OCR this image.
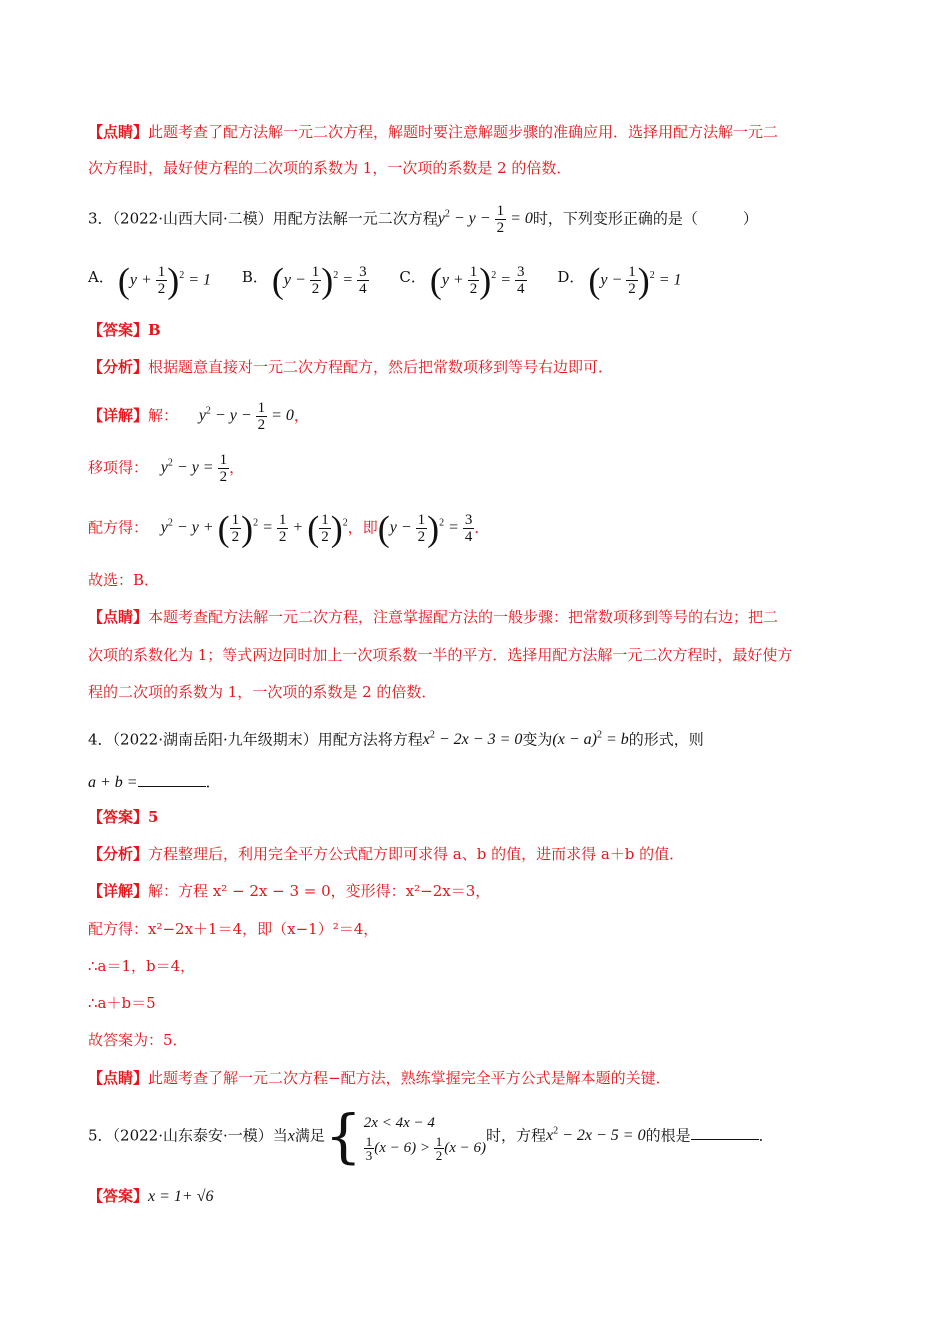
【点睛】此题考查了配方法解一元二次方程，解题时要注意解题步骤的准确应用．选择用配方法解一元二
次方程时，最好使方程的二次项的系数为 1，一次项的系数是 2 的倍数．
3．（2022·山西大同·二模）用配方法解一元二次方程$y^2 - y - \frac{1}{2} = 0$时，下列变形正确的是（　　　）
A． $(y + \frac{1}{2} )^2 = 1$ B． $(y - \frac{1}{2} )^2 = \frac{3}{4}$ C． $(y + \frac{1}{2} )^2 = \frac{3}{4}$ D． $(y - \frac{1}{2} )^2 = 1$
【答案】B
【分析】根据题意直接对一元二次方程配方，然后把常数项移到等号右边即可．
【详解】解： $y^2 - y - \frac{1}{2} = 0$，
移项得： $y^2 - y = \frac{1}{2}$ ，
配方得： $y^2 - y$ + ( $\frac{1}{2} )^2 = \frac{1}{2}$ + ( $\frac{1}{2} )^2$，即$(y - \frac{1}{2} )^2 = \frac{3}{4}$ ．
故选：B．
【点睛】本题考查配方法解一元二次方程，注意掌握配方法的一般步骤：把常数项移到等号的右边；把二
次项的系数化为 1；等式两边同时加上一次项系数一半的平方．选择用配方法解一元二次方程时，最好使方
程的二次项的系数为 1，一次项的系数是 2 的倍数．
4．（2022·湖南岳阳·九年级期末）用配方法将方程$x^2 - 2x - 3 = 0$变为$(x - a)^2 = b$的形式，则
a + b =	．
【答案】5
【分析】方程整理后，利用完全平方公式配方即可求得 a、b 的值，进而求得 a＋b 的值．
【详解】解：方程 x² − 2x − 3 = 0，变形得：x²−2x＝3，
配方得：x²−2x＋1＝4，即（x−1）²＝4，
∴a＝1，b＝4，
∴a＋b＝5
故答案为：5．
【点睛】此题考查了解一元二次方程−配方法，熟练掌握完全平方公式是解本题的关键．
5．（2022·山东泰安·一模）当x满足{ 2x < 4x − 4
$\frac{1}{3} (x - 6) > \frac{1}{2} (x - 6)$
时，方程$x^2 - 2x - 5 = 0$的根是	．
【答案】x = 1+ √6
